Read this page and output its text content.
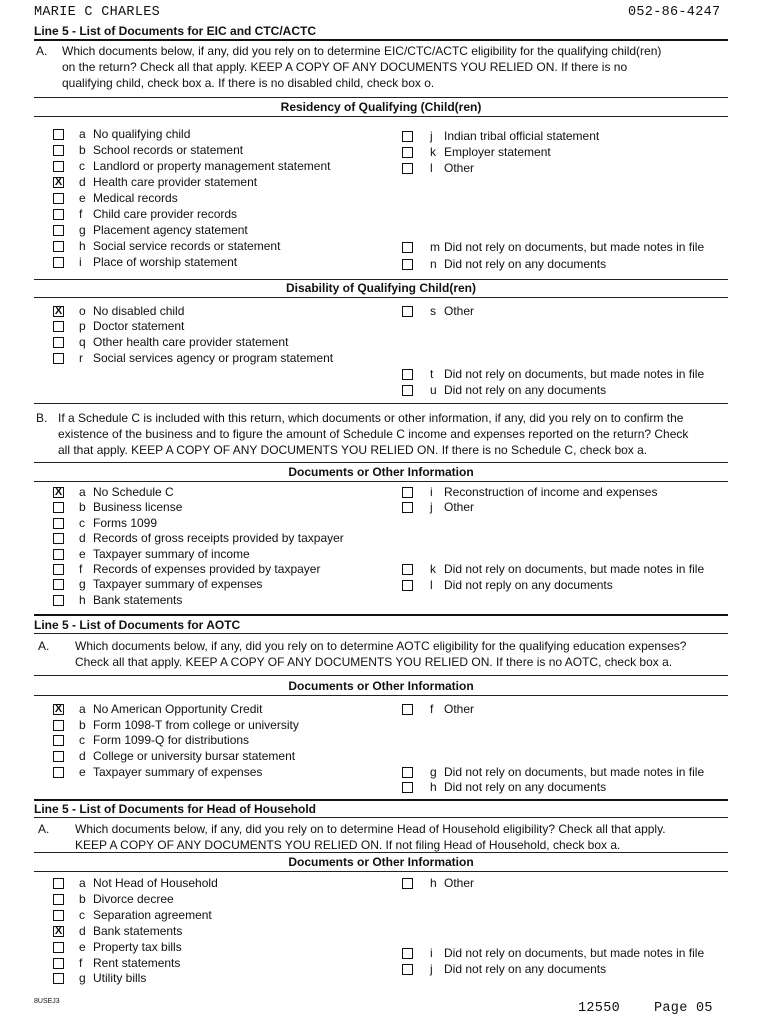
MARIE C CHARLES	052-86-4247
Line 5 - List of Documents for EIC and CTC/ACTC
A. Which documents below, if any, did you rely on to determine EIC/CTC/ACTC eligibility for the qualifying child(ren)
on the return? Check all that apply. KEEP A COPY OF ANY DOCUMENTS YOU RELIED ON. If there is no
qualifying child, check box a. If there is no disabled child, check box o.
Residency of Qualifying (Child(ren)
a No qualifying child
b School records or statement
c Landlord or property management statement
X d Health care provider statement
e Medical records
f Child care provider records
g Placement agency statement
h Social service records or statement
i Place of worship statement
j Indian tribal official statement
k Employer statement
l Other
m Did not rely on documents, but made notes in file
n Did not rely on any documents
Disability of Qualifying Child(ren)
X o No disabled child
p Doctor statement
q Other health care provider statement
r Social services agency or program statement
s Other
t Did not rely on documents, but made notes in file
u Did not rely on any documents
B. If a Schedule C is included with this return, which documents or other information, if any, did you rely on to confirm the
existence of the business and to figure the amount of Schedule C income and expenses reported on the return? Check
all that apply. KEEP A COPY OF ANY DOCUMENTS YOU RELIED ON. If there is no Schedule C, check box a.
Documents or Other Information
X a No Schedule C
b Business license
c Forms 1099
d Records of gross receipts provided by taxpayer
e Taxpayer summary of income
f Records of expenses provided by taxpayer
g Taxpayer summary of expenses
h Bank statements
i Reconstruction of income and expenses
j Other
k Did not rely on documents, but made notes in file
l Did not reply on any documents
Line 5 - List of Documents for AOTC
A. Which documents below, if any, did you rely on to determine AOTC eligibility for the qualifying education expenses?
Check all that apply. KEEP A COPY OF ANY DOCUMENTS YOU RELIED ON. If there is no AOTC, check box a.
Documents or Other Information
X a No American Opportunity Credit
b Form 1098-T from college or university
c Form 1099-Q for distributions
d College or university bursar statement
e Taxpayer summary of expenses
f Other
g Did not rely on documents, but made notes in file
h Did not rely on any documents
Line 5 - List of Documents for Head of Household
A. Which documents below, if any, did you rely on to determine Head of Household eligibility? Check all that apply.
KEEP A COPY OF ANY DOCUMENTS YOU RELIED ON. If not filing Head of Household, check box a.
Documents or Other Information
a Not Head of Household
b Divorce decree
c Separation agreement
X d Bank statements
e Property tax bills
f Rent statements
g Utility bills
h Other
i Did not rely on documents, but made notes in file
j Did not rely on any documents
8USEJ3	12550	Page 05
